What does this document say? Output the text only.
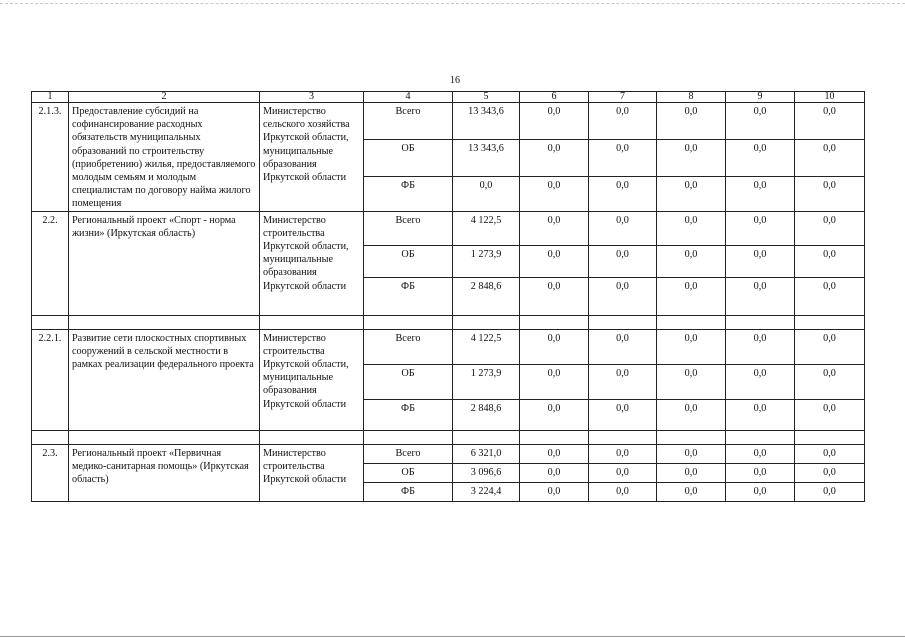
16
1	2	3	4	5	6	7	8	9	10
2.1.3.	Предоставление субсидий на софинансирование расходных обязательств муниципальных образований по строительству (приобретению) жилья, предоставляемого молодым семьям и молодым специалистам по договору найма жилого помещения	Министерство сельского хозяйства Иркутской области, муниципальные образования Иркутской области	Всего	13 343,6	0,0	0,0	0,0	0,0	0,0
			ОБ	13 343,6	0,0	0,0	0,0	0,0	0,0
			ФБ	0,0	0,0	0,0	0,0	0,0	0,0
2.2.	Региональный проект «Спорт - норма жизни» (Иркутская область)	Министерство строительства Иркутской области, муниципальные образования Иркутской области	Всего	4 122,5	0,0	0,0	0,0	0,0	0,0
			ОБ	1 273,9	0,0	0,0	0,0	0,0	0,0
			ФБ	2 848,6	0,0	0,0	0,0	0,0	0,0

2.2.1.	Развитие сети плоскостных спортивных сооружений в сельской местности в рамках реализации федерального проекта	Министерство строительства Иркутской области, муниципальные образования Иркутской области	Всего	4 122,5	0,0	0,0	0,0	0,0	0,0
			ОБ	1 273,9	0,0	0,0	0,0	0,0	0,0
			ФБ	2 848,6	0,0	0,0	0,0	0,0	0,0

2.3.	Региональный проект «Первичная медико-санитарная помощь» (Иркутская область)	Министерство строительства Иркутской области	Всего	6 321,0	0,0	0,0	0,0	0,0	0,0
			ОБ	3 096,6	0,0	0,0	0,0	0,0	0,0
			ФБ	3 224,4	0,0	0,0	0,0	0,0	0,0
